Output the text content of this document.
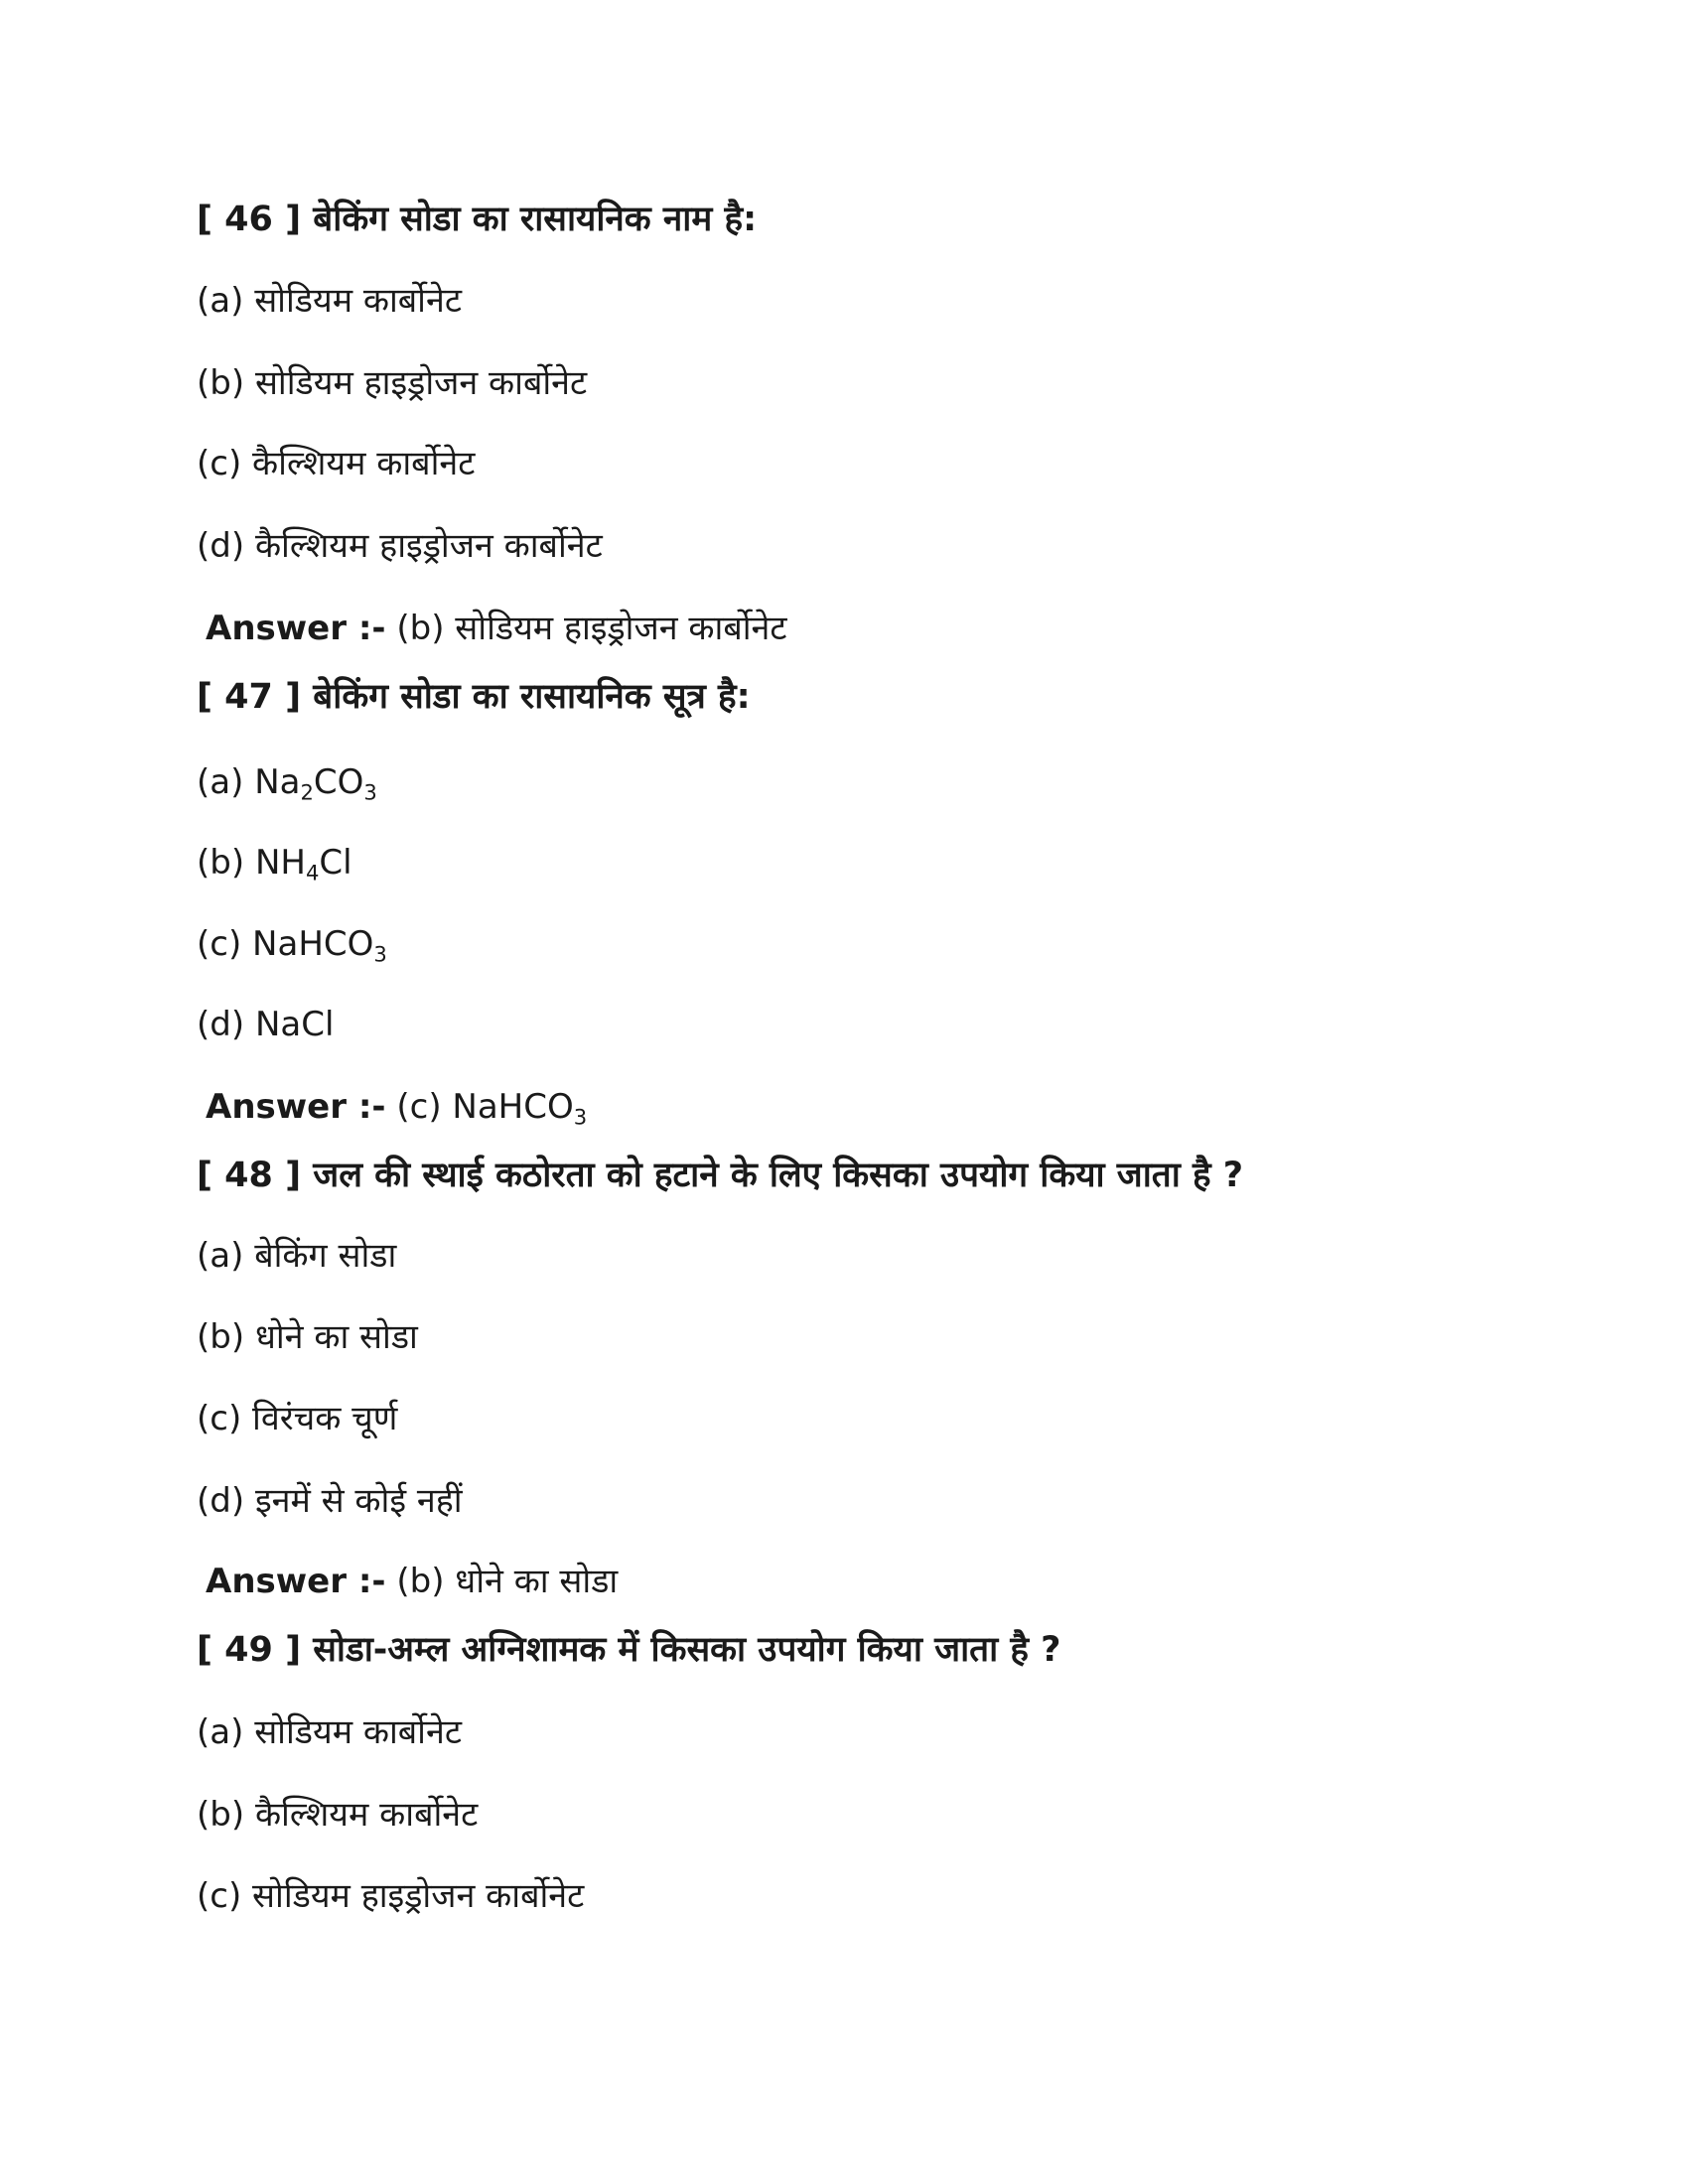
[ 46 ] बेकिंग सोडा का रासायनिक नाम है:
(a) सोडियम कार्बोनेट
(b) सोडियम हाइड्रोजन कार्बोनेट
(c) कैल्शियम कार्बोनेट
(d) कैल्शियम हाइड्रोजन कार्बोनेट
Answer :- (b) सोडियम हाइड्रोजन कार्बोनेट
[ 47 ] बेकिंग सोडा का रासायनिक सूत्र है:
(a) $Na_2CO_3$
(b) $NH_4Cl$
(c) NaHCO$_3$
(d) NaCl
Answer :- (c) NaHCO$_3$
[ 48 ] जल की स्थाई कठोरता को हटाने के लिए किसका उपयोग किया जाता है ?
(a) बेकिंग सोडा
(b) धोने का सोडा
(c) विरंचक चूर्ण
(d) इनमें से कोई नहीं
Answer :- (b) धोने का सोडा
[ 49 ] सोडा-अम्ल अग्निशामक में किसका उपयोग किया जाता है ?
(a) सोडियम कार्बोनेट
(b) कैल्शियम कार्बोनेट
(c) सोडियम हाइड्रोजन कार्बोनेट
